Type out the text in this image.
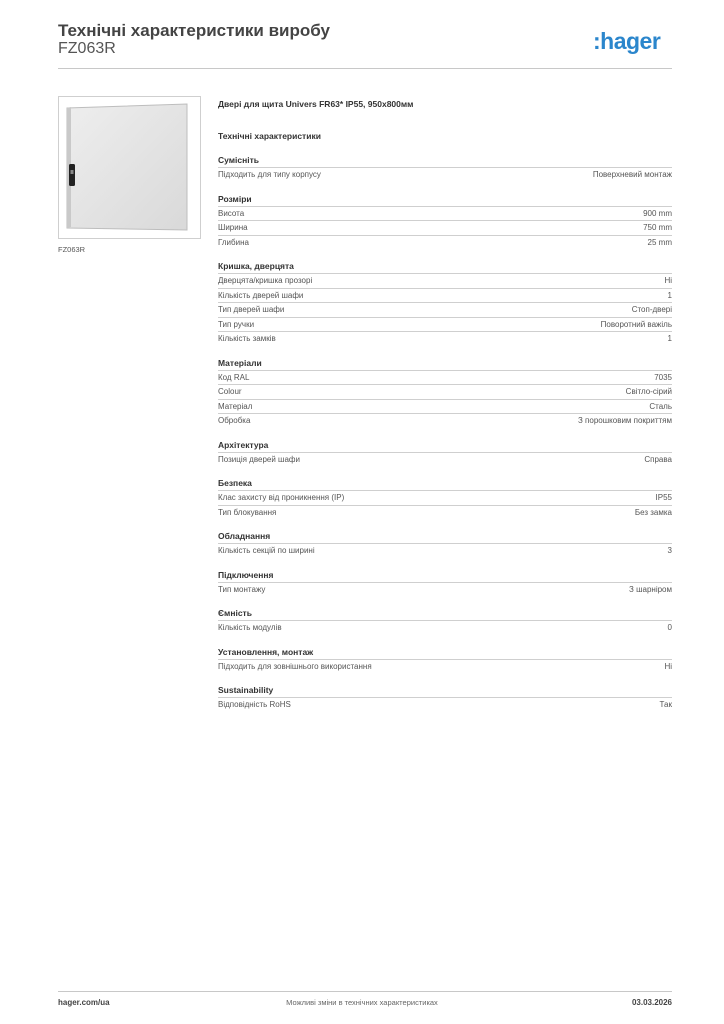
Технічні характеристики виробу
FZ063R	:hager
FZ063R
Двері для щита Univers FR63* IP55, 950x800мм
Технічні характеристики
Сумісніть
Підходить для типу корпусу	Поверхневий монтаж
Розміри
Висота	900 mm
Ширина	750 mm
Глибина	25 mm
Кришка, дверцята
Дверцята/кришка прозорі	Ні
Кількість дверей шафи	1
Тип дверей шафи	Стоп-двері
Тип ручки	Поворотний важіль
Кількість замків	1
Матеріали
Код RAL	7035
Colour	Світло-сірий
Матеріал	Сталь
Обробка	З порошковим покриттям
Архітектура
Позиція дверей шафи	Справа
Безпека
Клас захисту від проникнення (IP)	IP55
Тип блокування	Без замка
Обладнання
Кількість секцій по ширині	3
Підключення
Тип монтажу	З шарніром
Ємність
Кількість модулів	0
Установлення, монтаж
Підходить для зовнішнього використання	Ні
Sustainability
Відповідність RoHS	Так
hager.com/ua	Можливі зміни в технічних характеристиках	03.03.2026
